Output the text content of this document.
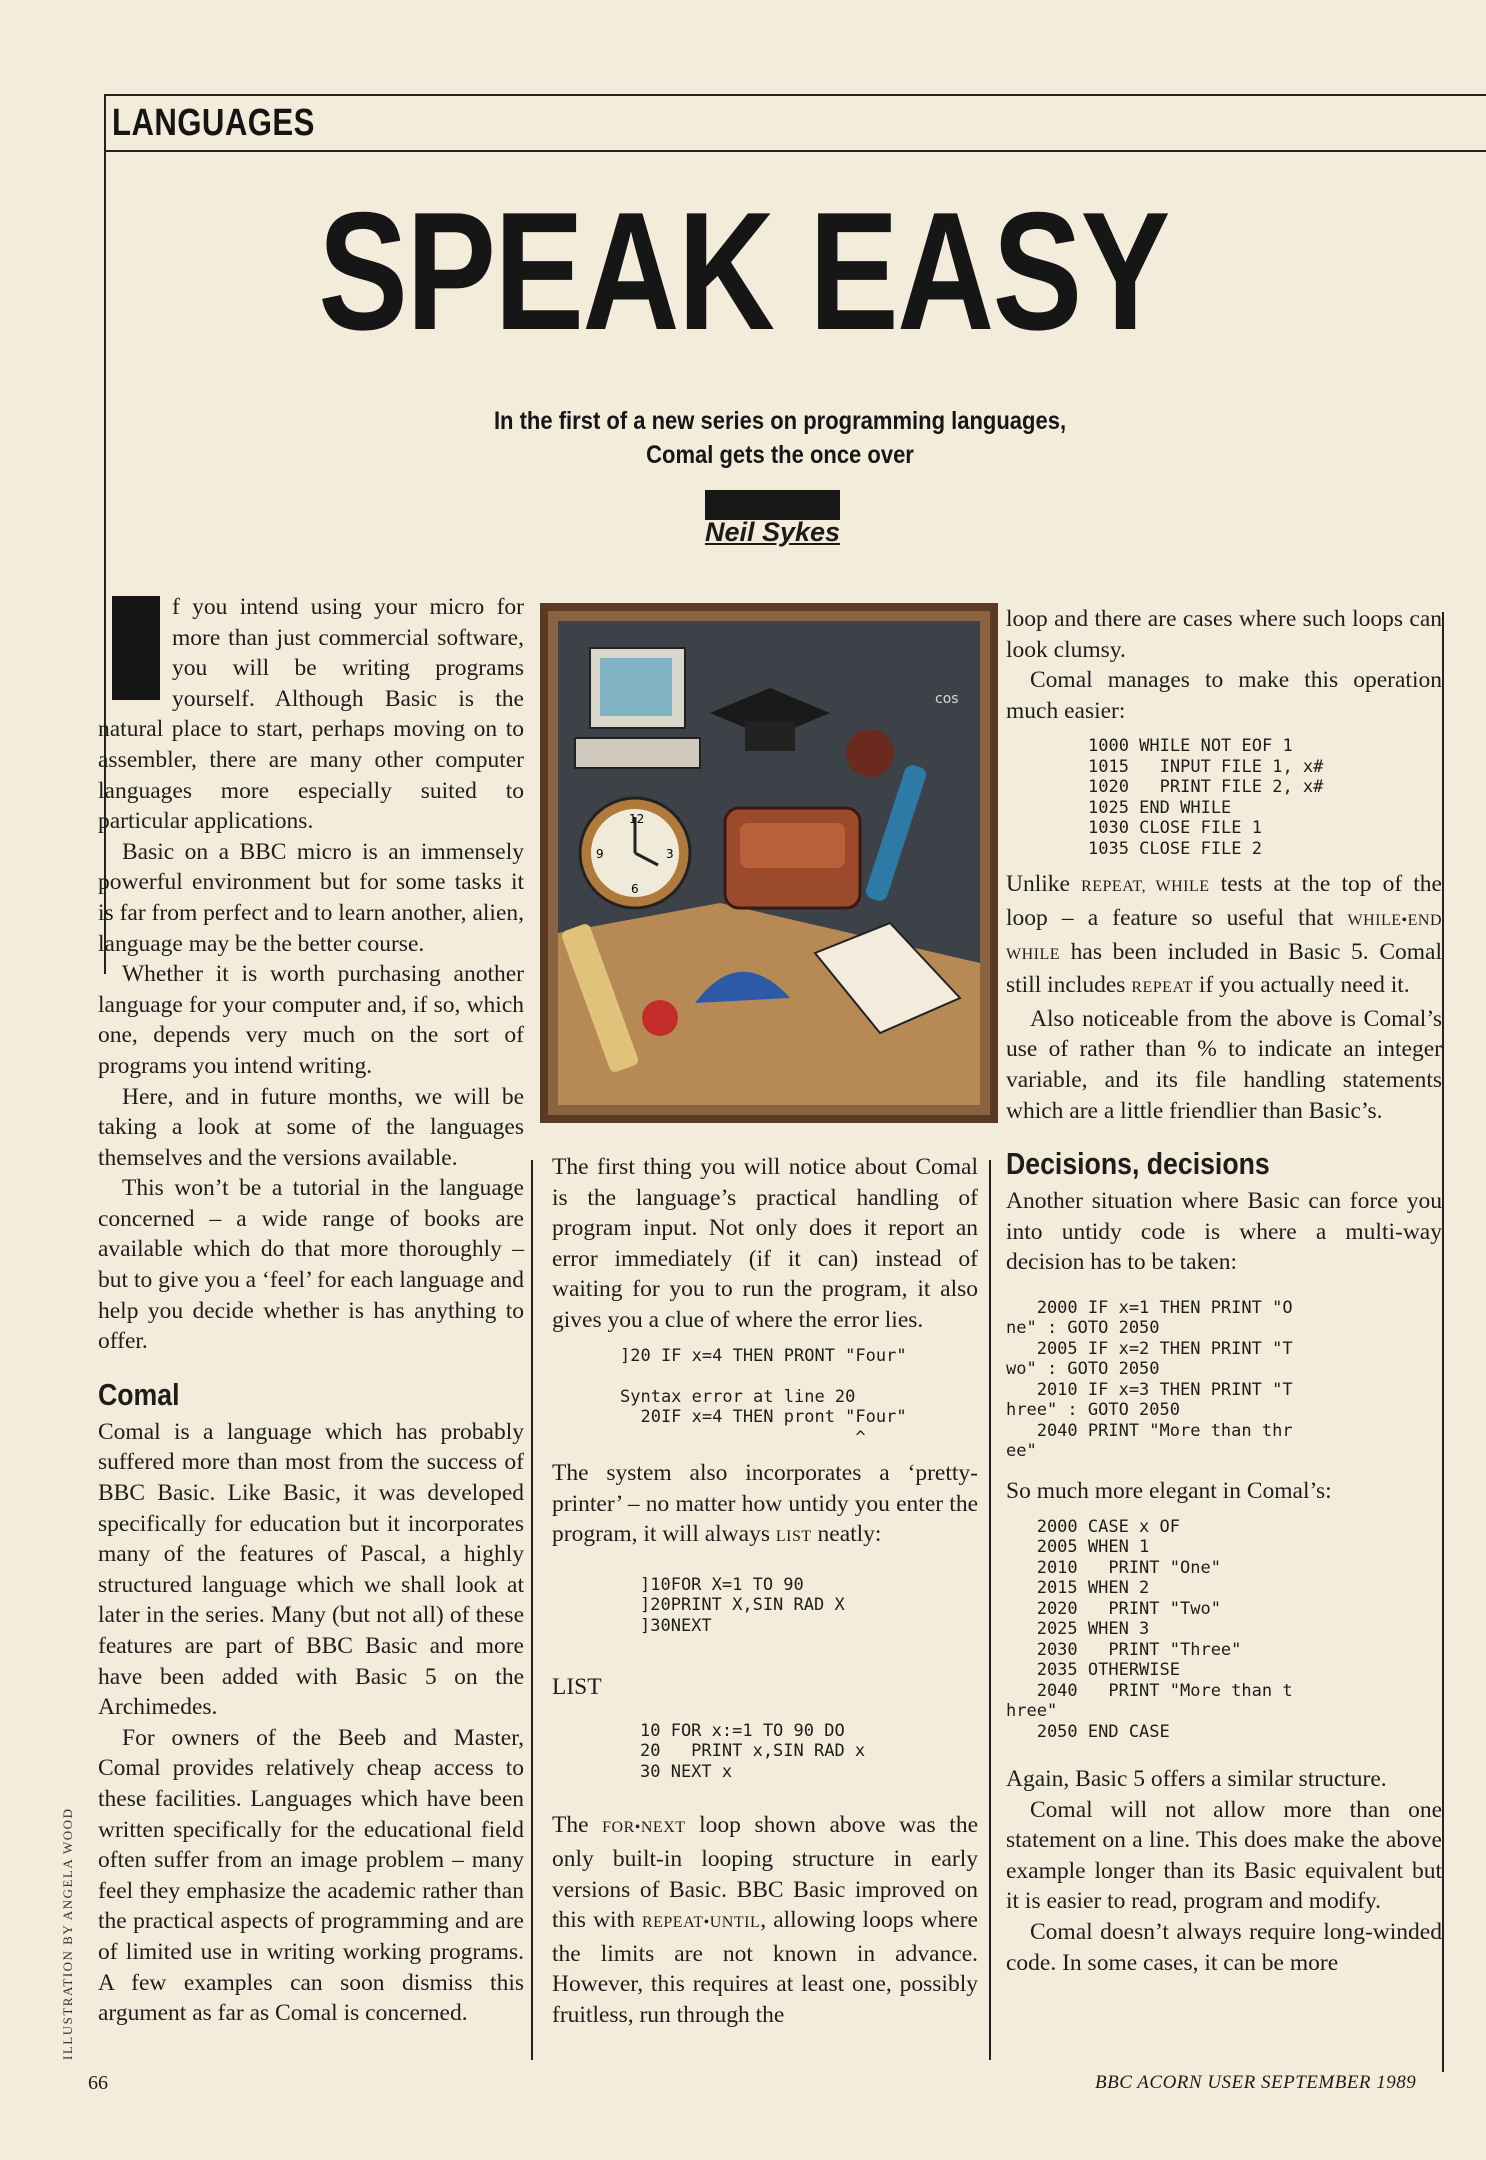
LANGUAGES
SPEAK EASY
In the first of a new series on programming languages,
Comal gets the once over
Neil Sykes

f you intend using your micro for more than just commercial software, you will be writing programs yourself. Although Basic is the natural place to start, perhaps moving on to assembler, there are many other computer languages more especially suited to particular applications.

Basic on a BBC micro is an immensely powerful environment but for some tasks it is far from perfect and to learn another, alien, language may be the better course.

Whether it is worth purchasing another language for your computer and, if so, which one, depends very much on the sort of programs you intend writing.

Here, and in future months, we will be taking a look at some of the languages themselves and the versions available.

This won’t be a tutorial in the language concerned – a wide range of books are available which do that more thoroughly – but to give you a ‘feel’ for each language and help you decide whether is has anything to offer.

Comal

Comal is a language which has probably suffered more than most from the success of BBC Basic. Like Basic, it was developed specifically for education but it incorporates many of the features of Pascal, a highly structured language which we shall look at later in the series. Many (but not all) of these features are part of BBC Basic and more have been added with Basic 5 on the Archimedes.

For owners of the Beeb and Master, Comal provides relatively cheap access to these facilities. Languages which have been written specifically for the educational field often suffer from an image problem – many feel they emphasize the academic rather than the practical aspects of programming and are of limited use in writing working programs. A few examples can soon dismiss this argument as far as Comal is concerned.

12
3
6
9
cos

The first thing you will notice about Comal is the language’s practical handling of program input. Not only does it report an error immediately (if it can) instead of waiting for you to run the program, it also gives you a clue of where the error lies.

]20 IF x=4 THEN PRONT "Four"

Syntax error at line 20
20IF x=4 THEN pront "Four"
^

The system also incorporates a ‘pretty-printer’ – no matter how untidy you enter the program, it will always LIST neatly:

]10FOR X=1 TO 90
]20PRINT X,SIN RAD X
]30NEXT
LIST
10 FOR x:=1 TO 90 DO
20   PRINT x,SIN RAD x
30 NEXT x

The FOR•NEXT loop shown above was the only built-in looping structure in early versions of Basic. BBC Basic improved on this with REPEAT•UNTIL, allowing loops where the limits are not known in advance. However, this requires at least one, possibly fruitless, run through the

loop and there are cases where such loops can look clumsy.

Comal manages to make this operation much easier:

1000 WHILE NOT EOF 1
1015   INPUT FILE 1, x#
1020   PRINT FILE 2, x#
1025 END WHILE
1030 CLOSE FILE 1
1035 CLOSE FILE 2

Unlike REPEAT, WHILE tests at the top of the loop – a feature so useful that WHILE•END WHILE has been included in Basic 5. Comal still includes REPEAT if you actually need it.

Also noticeable from the above is Comal’s use of rather than % to indicate an integer variable, and its file handling statements which are a little friendlier than Basic’s.

Decisions, decisions

Another situation where Basic can force you into untidy code is where a multi-way decision has to be taken:

2000 IF x=1 THEN PRINT "O
ne" : GOTO 2050
2005 IF x=2 THEN PRINT "T
wo" : GOTO 2050
2010 IF x=3 THEN PRINT "T
hree" : GOTO 2050
2040 PRINT "More than thr
ee"

So much more elegant in Comal’s:

2000 CASE x OF
2005 WHEN 1
2010   PRINT "One"
2015 WHEN 2
2020   PRINT "Two"
2025 WHEN 3
2030   PRINT "Three"
2035 OTHERWISE
2040   PRINT "More than t
hree"
2050 END CASE

Again, Basic 5 offers a similar structure.

Comal will not allow more than one statement on a line. This does make the above example longer than its Basic equivalent but it is easier to read, program and modify.

Comal doesn’t always require long-winded code. In some cases, it can be more

ILLUSTRATION BY ANGELA WOOD
66	BBC ACORN USER SEPTEMBER 1989
